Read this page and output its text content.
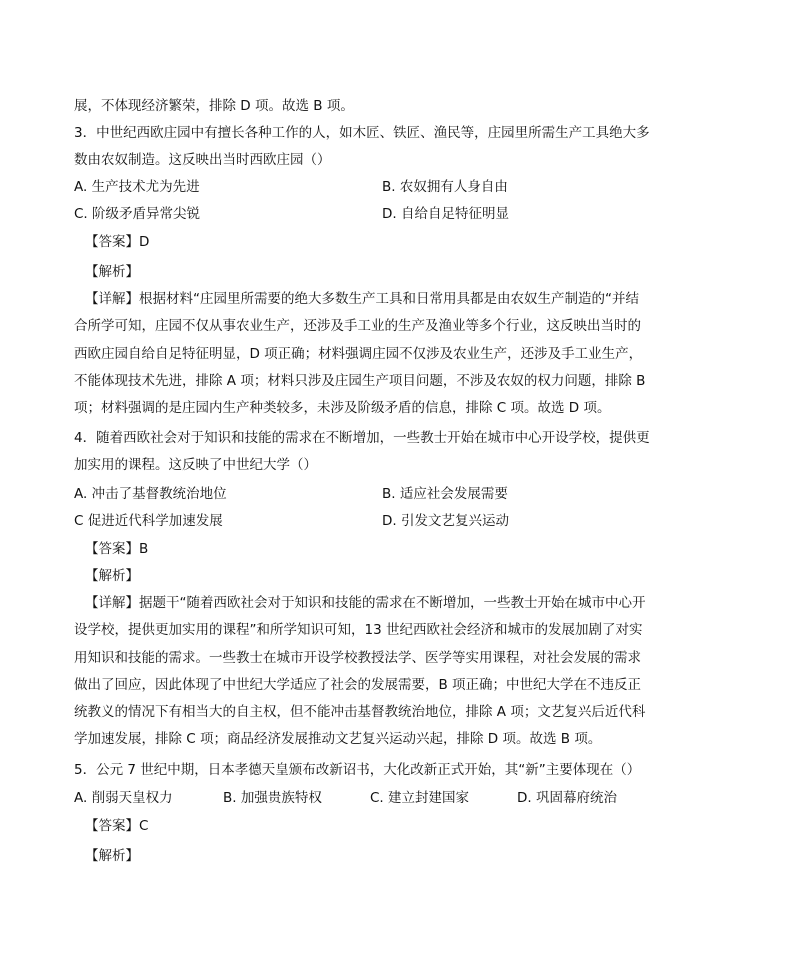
展，不体现经济繁荣，排除 D 项。故选 B 项。
3．中世纪西欧庄园中有擅长各种工作的人，如木匠、铁匠、渔民等，庄园里所需生产工具绝大多
数由农奴制造。这反映出当时西欧庄园（）
A. 生产技术尤为先进	B. 农奴拥有人身自由
C. 阶级矛盾异常尖锐	D. 自给自足特征明显
【答案】D
【解析】
【详解】根据材料“庄园里所需要的绝大多数生产工具和日常用具都是由农奴生产制造的“并结
合所学可知，庄园不仅从事农业生产，还涉及手工业的生产及渔业等多个行业，这反映出当时的
西欧庄园自给自足特征明显，D 项正确；材料强调庄园不仅涉及农业生产，还涉及手工业生产，
不能体现技术先进，排除 A 项；材料只涉及庄园生产项目问题，不涉及农奴的权力问题，排除 B
项；材料强调的是庄园内生产种类较多，未涉及阶级矛盾的信息，排除 C 项。故选 D 项。
4．随着西欧社会对于知识和技能的需求在不断增加，一些教士开始在城市中心开设学校，提供更
加实用的课程。这反映了中世纪大学（）
A. 冲击了基督教统治地位	B. 适应社会发展需要
C 促进近代科学加速发展	D. 引发文艺复兴运动
【答案】B
【解析】
【详解】据题干“随着西欧社会对于知识和技能的需求在不断增加，一些教士开始在城市中心开
设学校，提供更加实用的课程”和所学知识可知，13 世纪西欧社会经济和城市的发展加剧了对实
用知识和技能的需求。一些教士在城市开设学校教授法学、医学等实用课程，对社会发展的需求
做出了回应，因此体现了中世纪大学适应了社会的发展需要，B 项正确；中世纪大学在不违反正
统教义的情况下有相当大的自主权，但不能冲击基督教统治地位，排除 A 项；文艺复兴后近代科
学加速发展，排除 C 项；商品经济发展推动文艺复兴运动兴起，排除 D 项。故选 B 项。
5．公元 7 世纪中期，日本孝德天皇颁布改新诏书，大化改新正式开始，其“新”主要体现在（）
A. 削弱天皇权力	B. 加强贵族特权	C. 建立封建国家	D. 巩固幕府统治
【答案】C
【解析】
